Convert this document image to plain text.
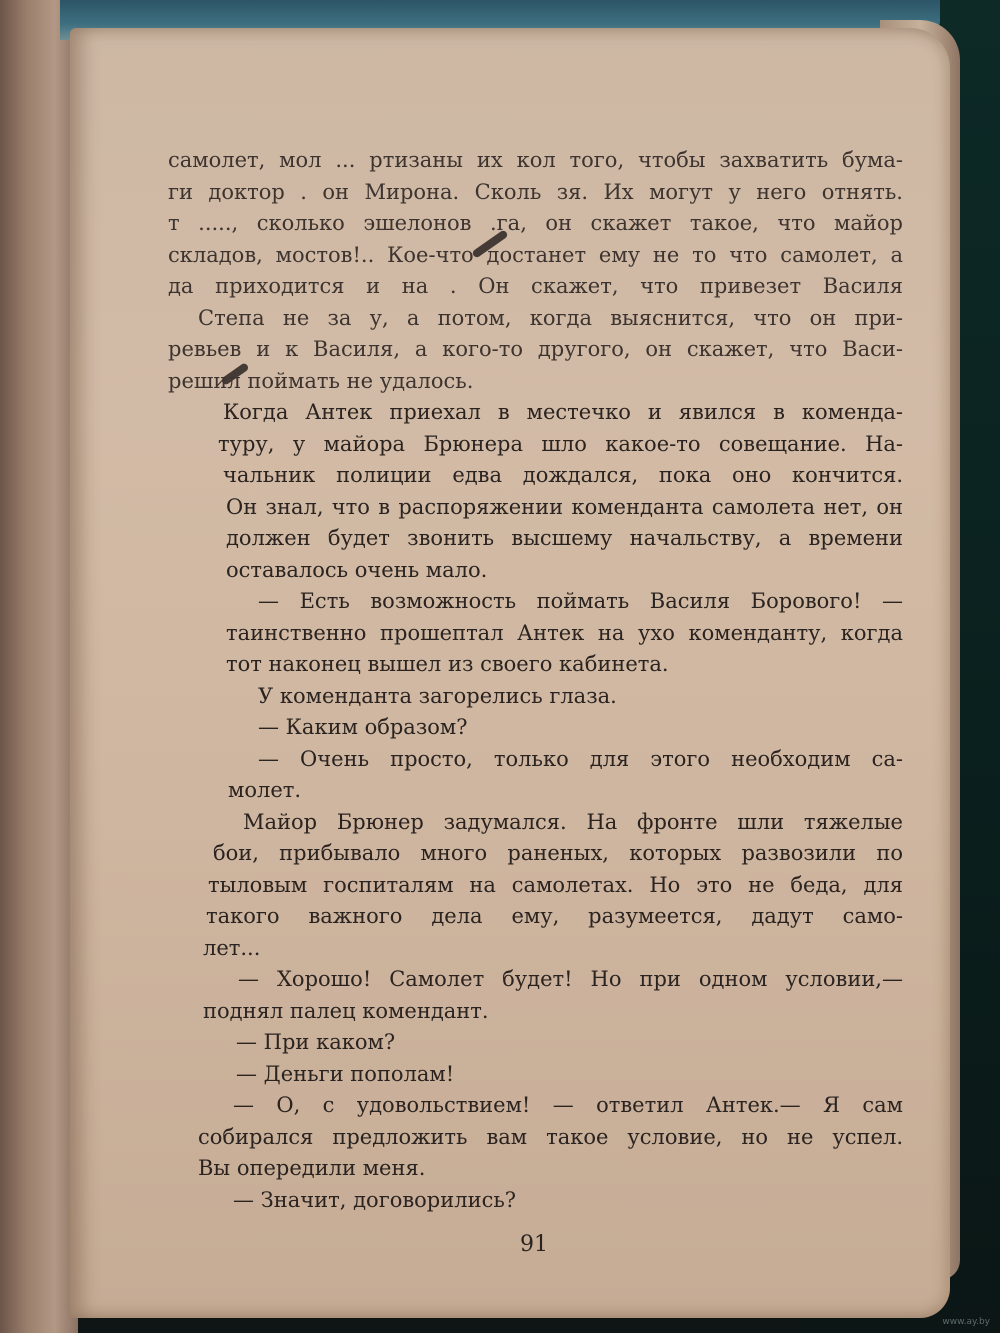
самолет, мол ... ртизаны их кол того, чтобы захватить бума-
ги доктор . он Мирона. Сколь зя. Их могут у него отнять.
т ....., сколько эшелонов .га, он скажет такое, что майор
складов, мостов!.. Кое-что достанет ему не то что самолет, а
да приходится и на . Он скажет, что привезет Василя
Степа не за у, а потом, когда выяснится, что он при-
ревьев и к Василя, а кого-то другого, он скажет, что Васи-
решил поймать не удалось.
Когда Антек приехал в местечко и явился в коменда-
туру, у майора Брюнера шло какое-то совещание. На-
чальник полиции едва дождался, пока оно кончится.
Он знал, что в распоряжении коменданта самолета нет, он
должен будет звонить высшему начальству, а времени
оставалось очень мало.
— Есть возможность поймать Василя Борового! —
таинственно прошептал Антек на ухо коменданту, когда
тот наконец вышел из своего кабинета.
У коменданта загорелись глаза.
— Каким образом?
— Очень просто, только для этого необходим са-
молет.
Майор Брюнер задумался. На фронте шли тяжелые
бои, прибывало много раненых, которых развозили по
тыловым госпиталям на самолетах. Но это не беда, для
такого важного дела ему, разумеется, дадут само-
лет...
— Хорошо! Самолет будет! Но при одном условии,—
поднял палец комендант.
— При каком?
— Деньги пополам!
— О, с удовольствием! — ответил Антек.— Я сам
собирался предложить вам такое условие, но не успел.
Вы опередили меня.
— Значит, договорились?
91
www.ay.by
